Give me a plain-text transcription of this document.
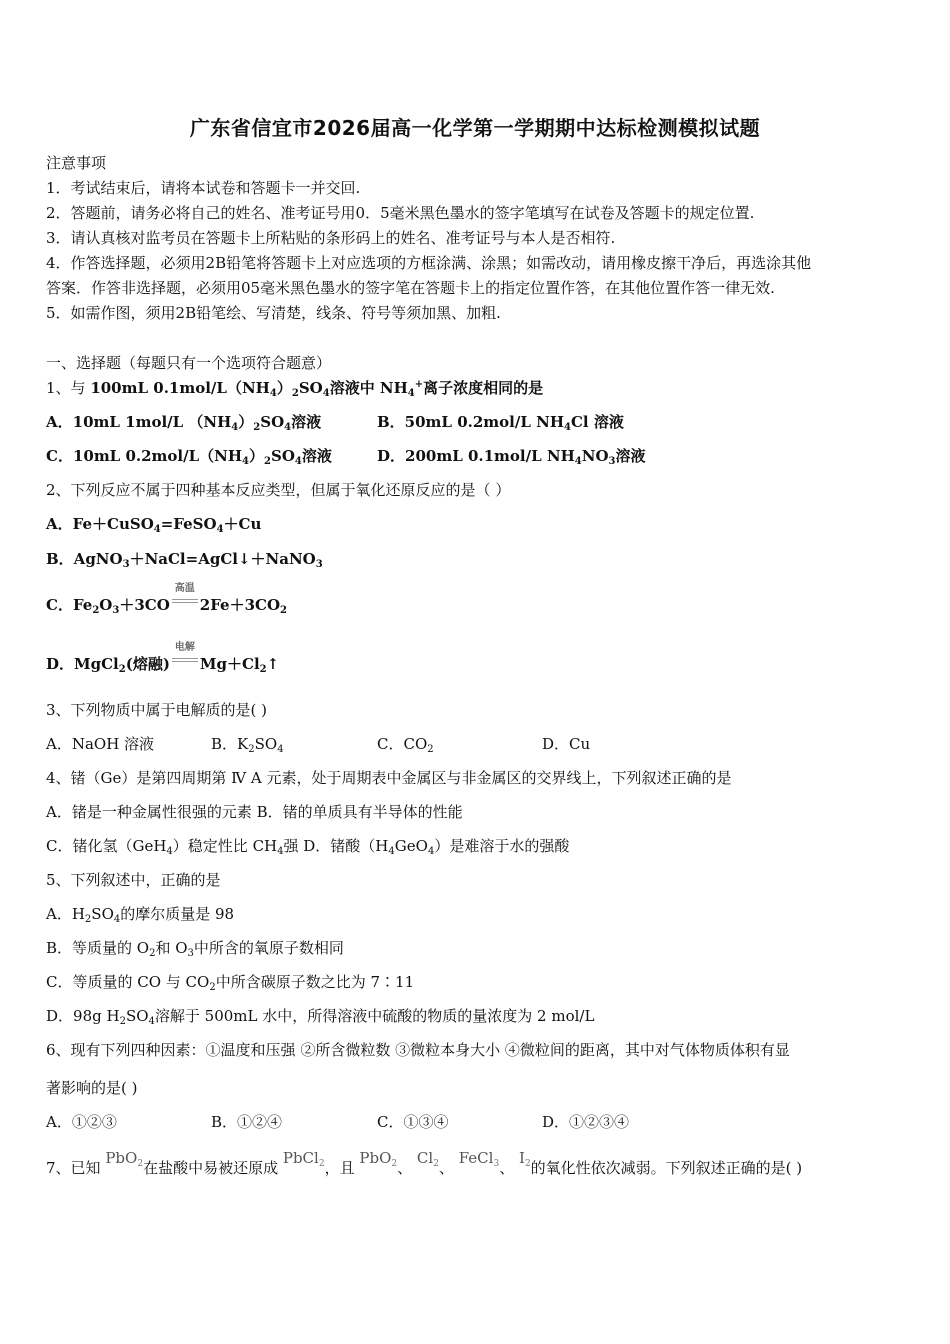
广东省信宜市2026届高一化学第一学期期中达标检测模拟试题
注意事项
1．考试结束后，请将本试卷和答题卡一并交回.
2．答题前，请务必将自己的姓名、准考证号用0．5毫米黑色墨水的签字笔填写在试卷及答题卡的规定位置.
3．请认真核对监考员在答题卡上所粘贴的条形码上的姓名、准考证号与本人是否相符.
4．作答选择题，必须用2B铅笔将答题卡上对应选项的方框涂满、涂黑；如需改动，请用橡皮擦干净后，再选涂其他
答案．作答非选择题，必须用05毫米黑色墨水的签字笔在答题卡上的指定位置作答，在其他位置作答一律无效.
5．如需作图，须用2B铅笔绘、写清楚，线条、符号等须加黑、加粗.
一、选择题（每题只有一个选项符合题意）
1、与 100mL $0.1mol/L(NH_4)_2SO_4$溶液中 $NH_4^+$离子浓度相同的是
A．10mL 1mol/L $(NH_4)_2SO_4$溶液	B．50mL 0.2mol/L $NH_4Cl$ 溶液
C．10mL $0.2mol/L(NH_4)_2SO_4$溶液	D．200mL 0.1mol/L $NH_4NO_3$溶液
2、下列反应不属于四种基本反应类型，但属于氧化还原反应的是（ ）
A．Fe＋CuSO$_4$=FeSO$_4$＋Cu
B．AgNO$_3$＋NaCl=AgCl↓＋NaNO$_3$
C．$Fe_2O_3+3CO$
高温
$2Fe+3CO_2$
D．MgCl$_2$(熔融)
电解
$Mg+Cl_2↑$
3、下列物质中属于电解质的是( )
A．NaOH 溶液	B．$K_2SO_4$	C．$CO_2$	D．Cu
4、锗（Ge）是第四周期第 Ⅳ A 元素，处于周期表中金属区与非金属区的交界线上，下列叙述正确的是
A．锗是一种金属性很强的元素 B．锗的单质具有半导体的性能
C．锗化氢（GeH$_4$）稳定性比 $CH_4$强 D．锗酸$(H_4GeO_4)$是难溶于水的强酸
5、下列叙述中，正确的是
A．$H_2SO_4$的摩尔质量是 98
B．等质量的 $O_2$和 $O_3$中所含的氧原子数相同
C．等质量的 CO 与 $CO_2$中所含碳原子数之比为 7∶11
D．98g $H_2SO_4$溶解于 500mL 水中，所得溶液中硫酸的物质的量浓度为 2 mol/L
6、现有下列四种因素：①温度和压强 ②所含微粒数 ③微粒本身大小 ④微粒间的距离，其中对气体物质体积有显
著影响的是( )
A．①②③	B．①②④	C．①③④	D．①②③④
7、已知 PbO$_2$在盐酸中易被还原成 PbCl$_2$，且 PbO$_2$、 $Cl_2$、 FeCl$_3$、 $I_2$的氧化性依次减弱。下列叙述正确的是( )
